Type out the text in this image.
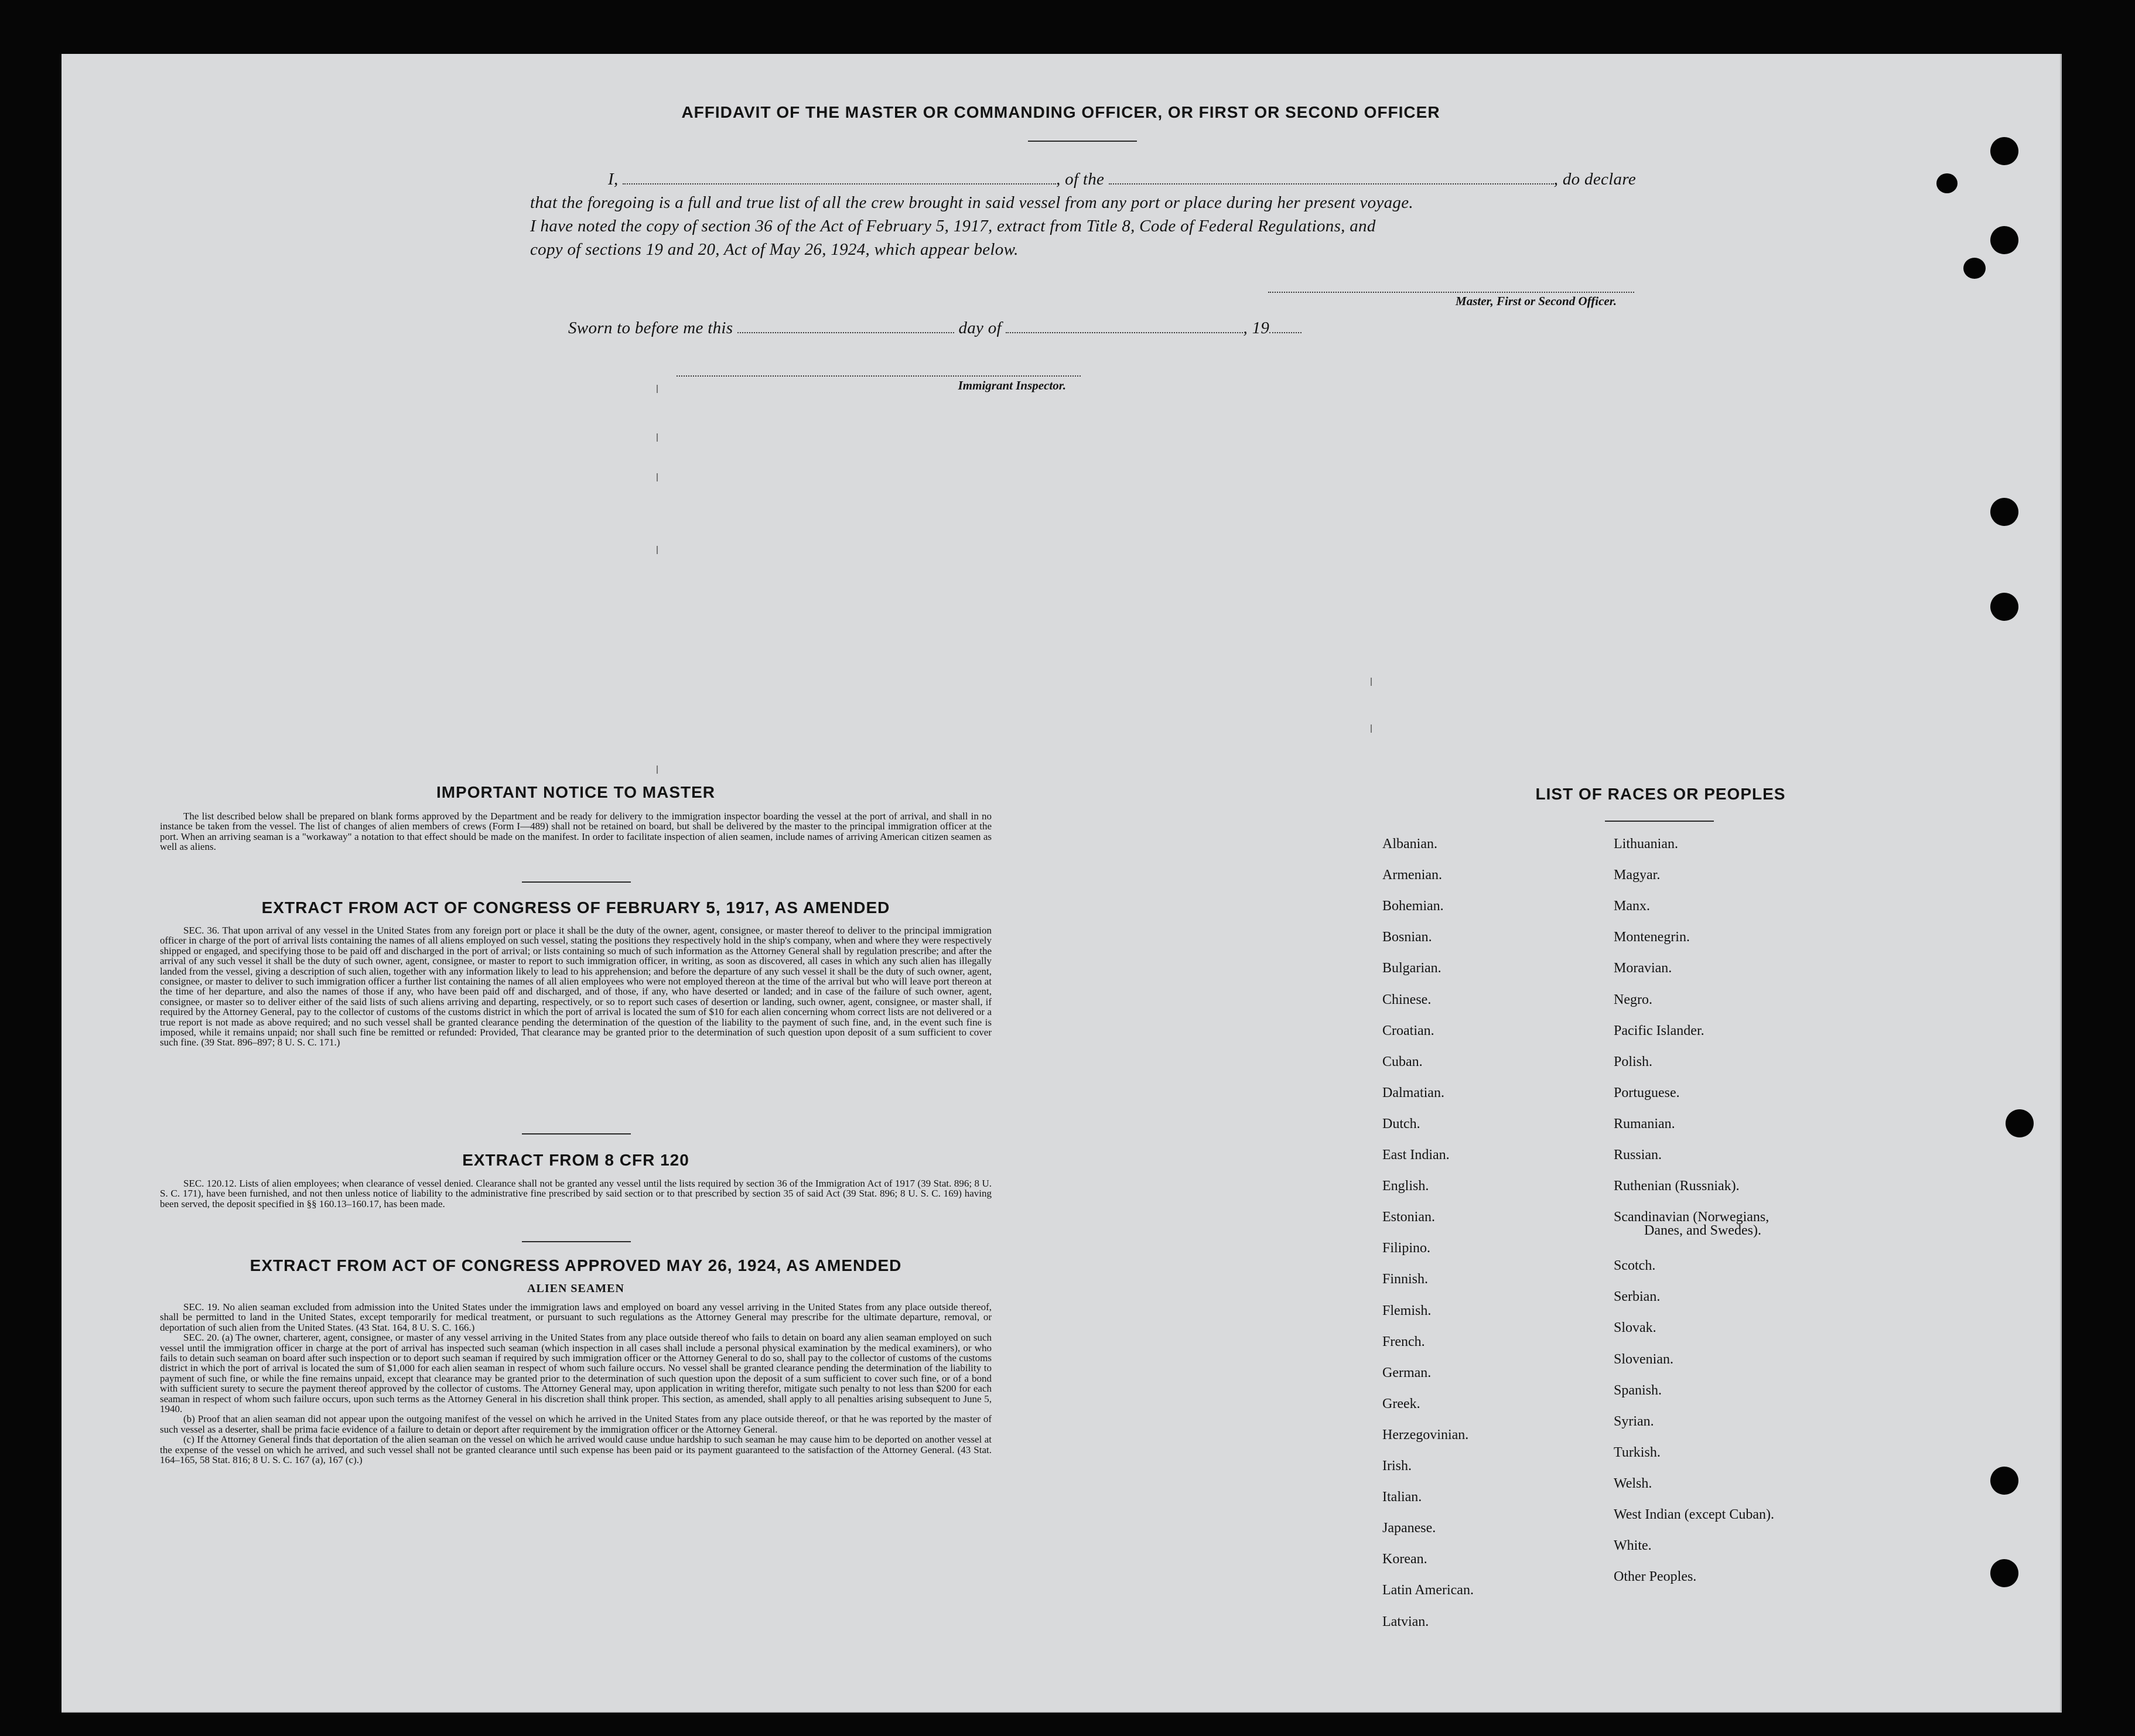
AFFIDAVIT OF THE MASTER OR COMMANDING OFFICER, OR FIRST OR SECOND OFFICER
I,	, of the	, do declare
that the foregoing is a full and true list of all the crew brought in said vessel from any port or place during her present voyage.
I have noted the copy of section 36 of the Act of February 5, 1917, extract from Title 8, Code of Federal Regulations, and
copy of sections 19 and 20, Act of May 26, 1924, which appear below.
Master, First or Second Officer.
Sworn to before me this	day of	, 19
Immigrant Inspector.
IMPORTANT NOTICE TO MASTER
The list described below shall be prepared on blank forms approved by the Department and be ready for delivery to the immigration inspector boarding the vessel at the port of arrival, and shall in no instance be taken from the vessel. The list of changes of alien members of crews (Form I—489) shall not be retained on board, but shall be delivered by the master to the principal immigration officer at the port. When an arriving seaman is a "workaway" a notation to that effect should be made on the manifest. In order to facilitate inspection of alien seamen, include names of arriving American citizen seamen as well as aliens.
EXTRACT FROM ACT OF CONGRESS OF FEBRUARY 5, 1917, AS AMENDED
SEC. 36. That upon arrival of any vessel in the United States from any foreign port or place it shall be the duty of the owner, agent, consignee, or master thereof to deliver to the principal immigration officer in charge of the port of arrival lists containing the names of all aliens employed on such vessel, stating the positions they respectively hold in the ship's company, when and where they were respectively shipped or engaged, and specifying those to be paid off and discharged in the port of arrival; or lists containing so much of such information as the Attorney General shall by regulation prescribe; and after the arrival of any such vessel it shall be the duty of such owner, agent, consignee, or master to report to such immigration officer, in writing, as soon as discovered, all cases in which any such alien has illegally landed from the vessel, giving a description of such alien, together with any information likely to lead to his apprehension; and before the departure of any such vessel it shall be the duty of such owner, agent, consignee, or master to deliver to such immigration officer a further list containing the names of all alien employees who were not employed thereon at the time of the arrival but who will leave port thereon at the time of her departure, and also the names of those if any, who have been paid off and discharged, and of those, if any, who have deserted or landed; and in case of the failure of such owner, agent, consignee, or master so to deliver either of the said lists of such aliens arriving and departing, respectively, or so to report such cases of desertion or landing, such owner, agent, consignee, or master shall, if required by the Attorney General, pay to the collector of customs of the customs district in which the port of arrival is located the sum of $10 for each alien concerning whom correct lists are not delivered or a true report is not made as above required; and no such vessel shall be granted clearance pending the determination of the question of the liability to the payment of such fine, and, in the event such fine is imposed, while it remains unpaid; nor shall such fine be remitted or refunded: Provided, That clearance may be granted prior to the determination of such question upon deposit of a sum sufficient to cover such fine. (39 Stat. 896–897; 8 U. S. C. 171.)
EXTRACT FROM 8 CFR 120
SEC. 120.12. Lists of alien employees; when clearance of vessel denied. Clearance shall not be granted any vessel until the lists required by section 36 of the Immigration Act of 1917 (39 Stat. 896; 8 U. S. C. 171), have been furnished, and not then unless notice of liability to the administrative fine prescribed by said section or to that prescribed by section 35 of said Act (39 Stat. 896; 8 U. S. C. 169) having been served, the deposit specified in §§ 160.13–160.17, has been made.
EXTRACT FROM ACT OF CONGRESS APPROVED MAY 26, 1924, AS AMENDED
ALIEN SEAMEN
SEC. 19. No alien seaman excluded from admission into the United States under the immigration laws and employed on board any vessel arriving in the United States from any place outside thereof, shall be permitted to land in the United States, except temporarily for medical treatment, or pursuant to such regulations as the Attorney General may prescribe for the ultimate departure, removal, or deportation of such alien from the United States. (43 Stat. 164, 8 U. S. C. 166.)
SEC. 20. (a) The owner, charterer, agent, consignee, or master of any vessel arriving in the United States from any place outside thereof who fails to detain on board any alien seaman employed on such vessel until the immigration officer in charge at the port of arrival has inspected such seaman (which inspection in all cases shall include a personal physical examination by the medical examiners), or who fails to detain such seaman on board after such inspection or to deport such seaman if required by such immigration officer or the Attorney General to do so, shall pay to the collector of customs of the customs district in which the port of arrival is located the sum of $1,000 for each alien seaman in respect of whom such failure occurs. No vessel shall be granted clearance pending the determination of the liability to payment of such fine, or while the fine remains unpaid, except that clearance may be granted prior to the determination of such question upon the deposit of a sum sufficient to cover such fine, or of a bond with sufficient surety to secure the payment thereof approved by the collector of customs. The Attorney General may, upon application in writing therefor, mitigate such penalty to not less than $200 for each seaman in respect of whom such failure occurs, upon such terms as the Attorney General in his discretion shall think proper. This section, as amended, shall apply to all penalties arising subsequent to June 5, 1940.
(b) Proof that an alien seaman did not appear upon the outgoing manifest of the vessel on which he arrived in the United States from any place outside thereof, or that he was reported by the master of such vessel as a deserter, shall be prima facie evidence of a failure to detain or deport after requirement by the immigration officer or the Attorney General.
(c) If the Attorney General finds that deportation of the alien seaman on the vessel on which he arrived would cause undue hardship to such seaman he may cause him to be deported on another vessel at the expense of the vessel on which he arrived, and such vessel shall not be granted clearance until such expense has been paid or its payment guaranteed to the satisfaction of the Attorney General. (43 Stat. 164–165, 58 Stat. 816; 8 U. S. C. 167 (a), 167 (c).)
LIST OF RACES OR PEOPLES
Albanian.
Armenian.
Bohemian.
Bosnian.
Bulgarian.
Chinese.
Croatian.
Cuban.
Dalmatian.
Dutch.
East Indian.
English.
Estonian.
Filipino.
Finnish.
Flemish.
French.
German.
Greek.
Herzegovinian.
Irish.
Italian.
Japanese.
Korean.
Latin American.
Latvian.
Lithuanian.
Magyar.
Manx.
Montenegrin.
Moravian.
Negro.
Pacific Islander.
Polish.
Portuguese.
Rumanian.
Russian.
Ruthenian (Russniak).
Scandinavian (Norwegians,
Danes, and Swedes).
Scotch.
Serbian.
Slovak.
Slovenian.
Spanish.
Syrian.
Turkish.
Welsh.
West Indian (except Cuban).
White.
Other Peoples.
